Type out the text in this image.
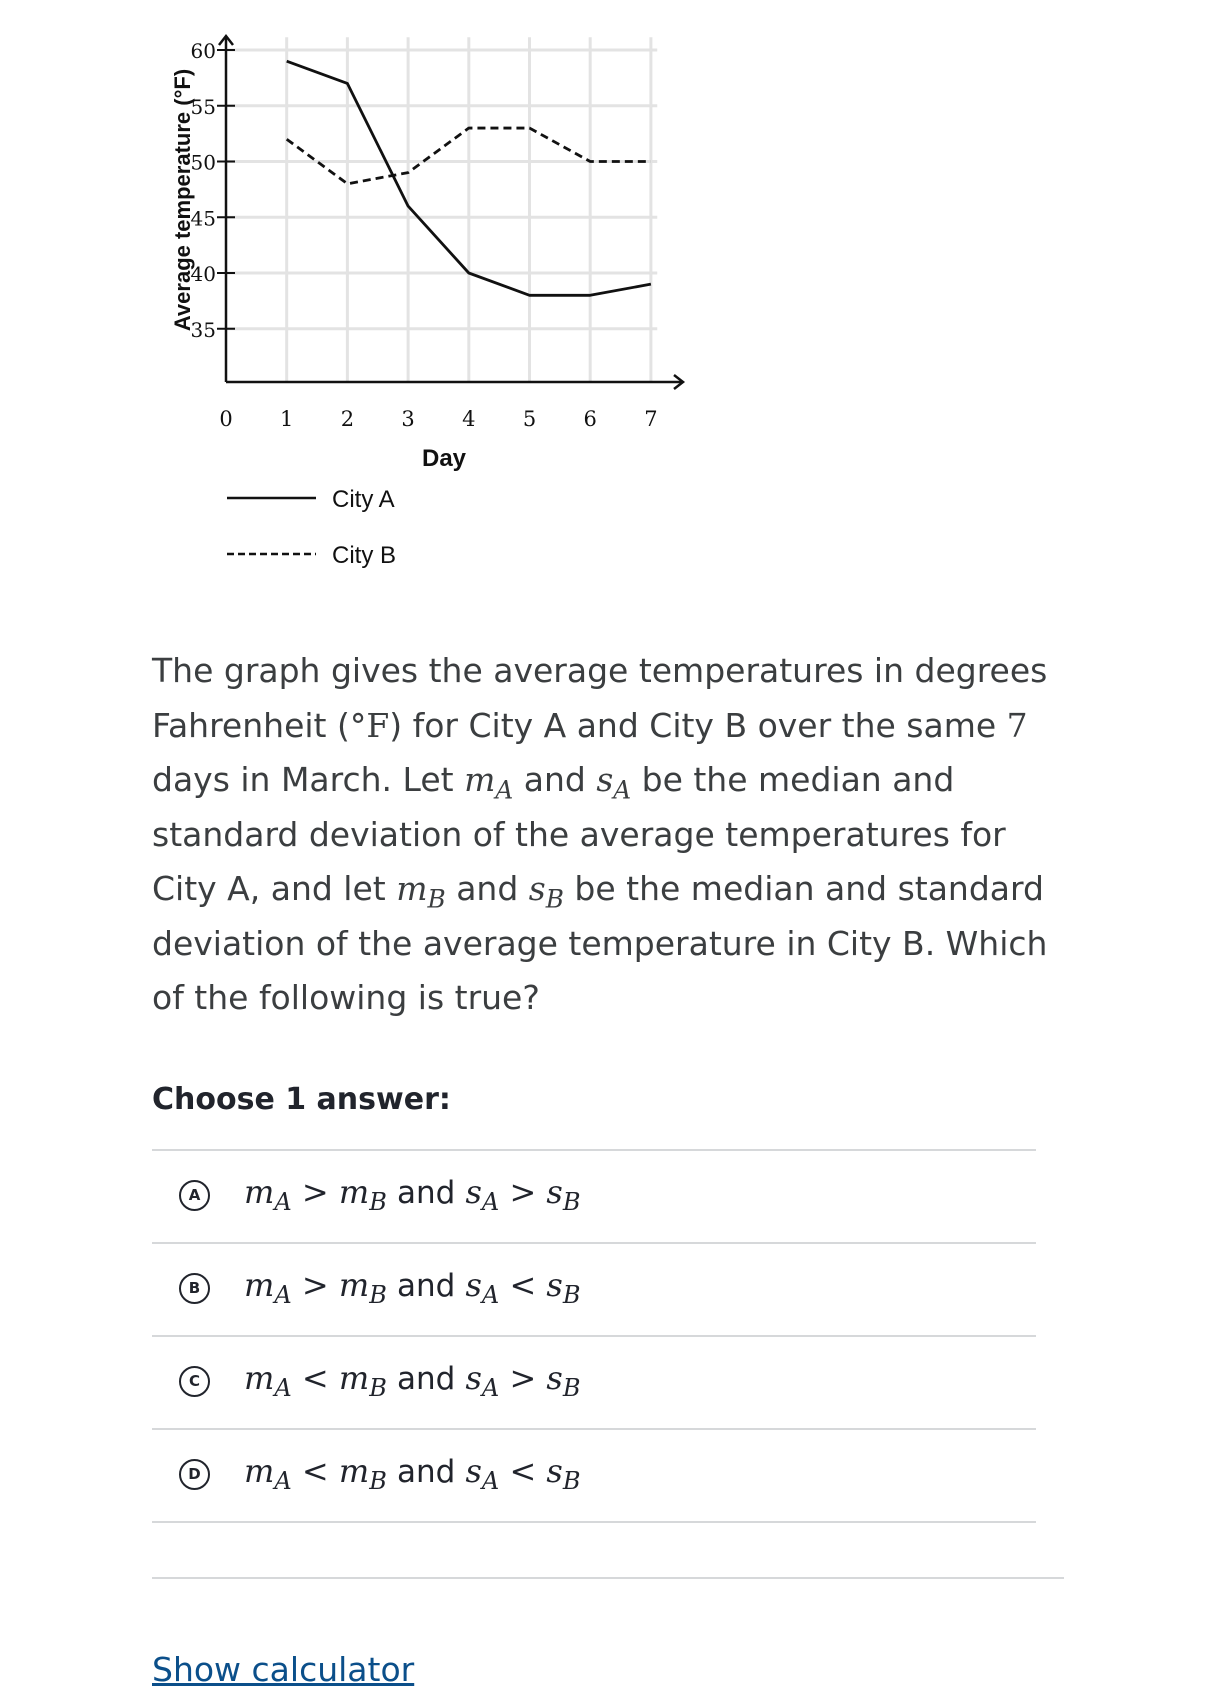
35
40
45
50
55
60
0 1 2 3 4 5 6 7
Day
Average temperature (°F)
City A
City B
The graph gives the average temperatures in degrees Fahrenheit (°F) for City A and City B over the same 7 days in March. Let $m_A$ and $s_A$ be the median and standard deviation of the average temperatures for City A, and let $m_B$ and $s_B$ be the median and standard deviation of the average temperature in City B. Which of the following is true?
Choose 1 answer:
A	$m_A > m_B$ and $s_A > s_B$
B	$m_A > m_B$ and $s_A < s_B$
C	$m_A < m_B$ and $s_A > s_B$
D $m_A < m_B$ and $s_A < s_B$
Show calculator
